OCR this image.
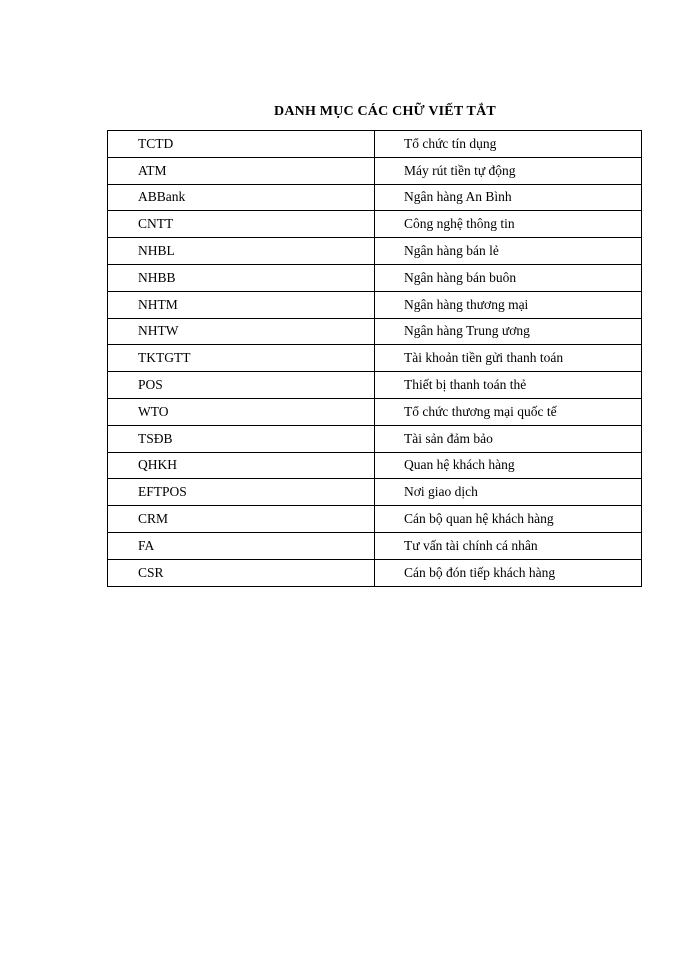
DANH MỤC CÁC CHỮ VIẾT TẮT
TCTD	Tổ chức tín dụng
ATM	Máy rút tiền tự động
ABBank	Ngân hàng An Bình
CNTT	Công nghệ thông tin
NHBL	Ngân hàng bán lẻ
NHBB	Ngân hàng bán buôn
NHTM	Ngân hàng thương mại
NHTW	Ngân hàng Trung ương
TKTGTT	Tài khoản tiền gửi thanh toán
POS	Thiết bị thanh toán thẻ
WTO	Tổ chức thương mại quốc tế
TSĐB	Tài sản đảm bảo
QHKH	Quan hệ khách hàng
EFTPOS	Nơi giao dịch
CRM	Cán bộ quan hệ khách hàng
FA	Tư vấn tài chính cá nhân
CSR	Cán bộ đón tiếp khách hàng
